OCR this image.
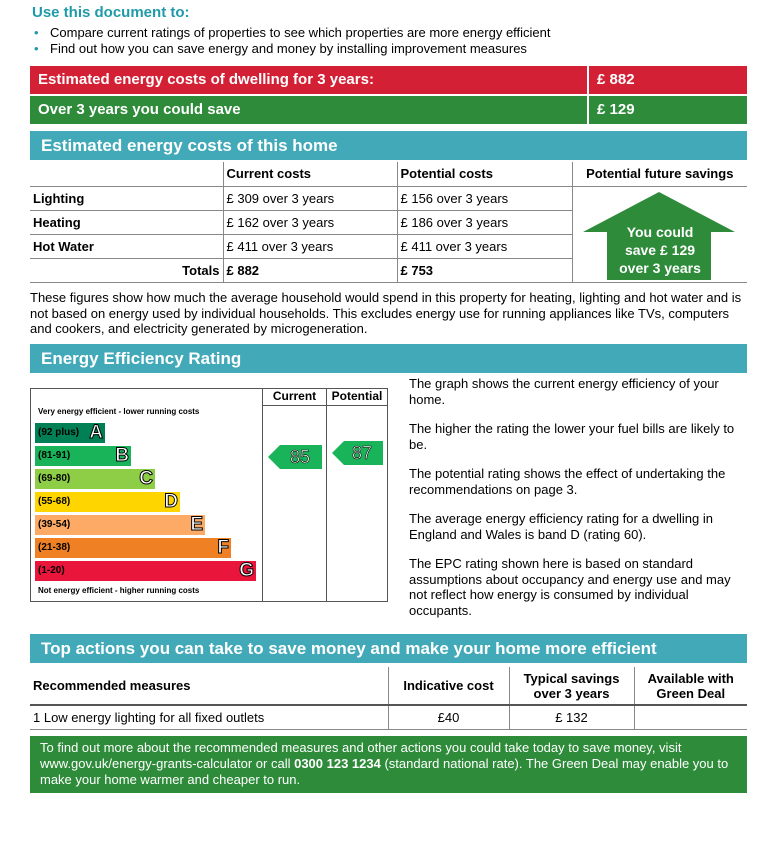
Use this document to:
• Compare current ratings of properties to see which properties are more energy efficient
• Find out how you can save energy and money by installing improvement measures
Estimated energy costs of dwelling for 3 years:	£ 882
Over 3 years you could save	£ 129
Estimated energy costs of this home
	Current costs	Potential costs	Potential future savings
Lighting	£ 309 over 3 years	£ 156 over 3 years	
Heating	£ 162 over 3 years	£ 186 over 3 years	
Hot Water	£ 411 over 3 years	£ 411 over 3 years	
Totals	£ 882	£ 753	
You could
save £ 129
over 3 years
These figures show how much the average household would spend in this property for heating, lighting and hot water and is not based on energy used by individual households. This excludes energy use for running appliances like TVs, computers and cookers, and electricity generated by microgeneration.
Energy Efficiency Rating
Current	Potential
Very energy efficient - lower running costs
Not energy efficient - higher running costs
(92 plus) A
(81-91) B
(69-80)	C
(55-68)	D
(39-54)	E
(21-38)	F
(1-20)	G
85	87
The graph shows the current energy efficiency of your home.
The higher the rating the lower your fuel bills are likely to be.
The potential rating shows the effect of undertaking the recommendations on page 3.
The average energy efficiency rating for a dwelling in England and Wales is band D (rating 60).
The EPC rating shown here is based on standard assumptions about occupancy and energy use and may not reflect how energy is consumed by individual occupants.
Top actions you can take to save money and make your home more efficient
Recommended measures	Indicative cost	Typical savings over 3 years	Available with Green Deal
1 Low energy lighting for all fixed outlets	£40	£ 132	
To find out more about the recommended measures and other actions you could take today to save money, visit www.gov.uk/energy-grants-calculator or call 0300 123 1234 (standard national rate). The Green Deal may enable you to make your home warmer and cheaper to run.
